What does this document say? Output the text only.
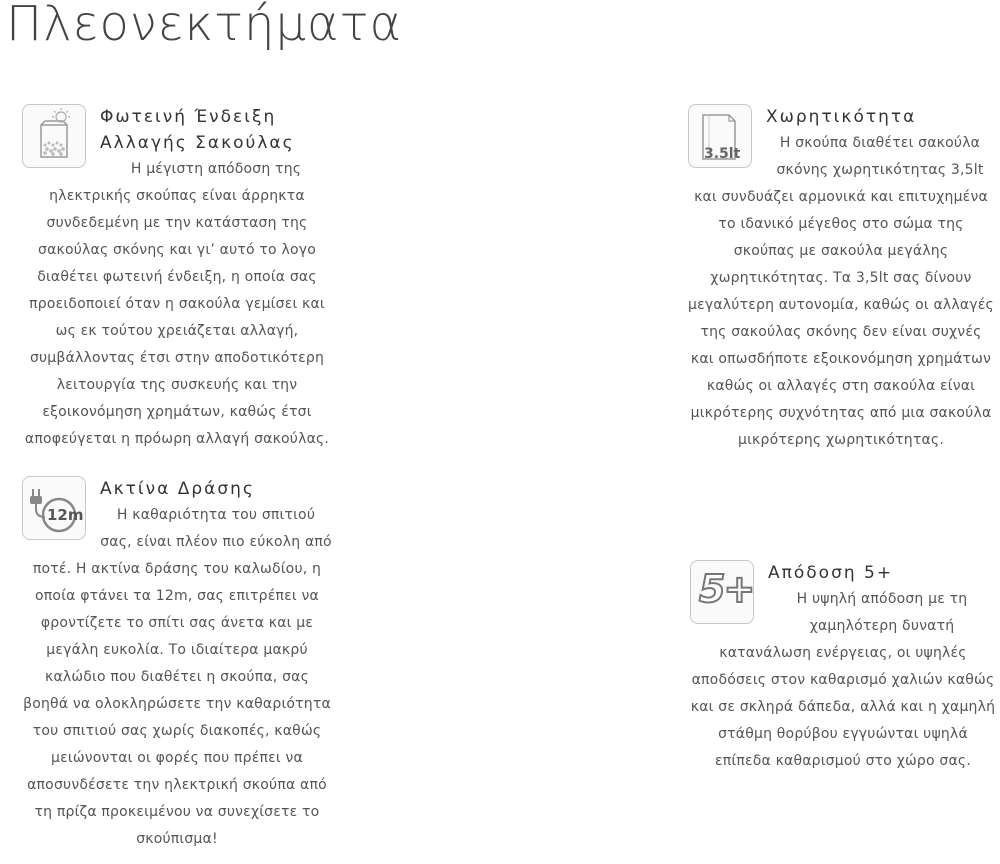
Πλεονεκτήματα
Φωτεινή Ένδειξη
Αλλαγής Σακούλας

Η μέγιστη απόδοση της ηλεκτρικής σκούπας είναι άρρηκτα συνδεδεμένη με την κατάσταση της σακούλας σκόνης και γι’ αυτό το λογο διαθέτει φωτεινή ένδειξη, η οποία σας προειδοποιεί όταν η σακούλα γεμίσει και ως εκ τούτου χρειάζεται αλλαγή, συμβάλλοντας έτσι στην αποδοτικότερη λειτουργία της συσκευής και την εξοικονόμηση χρημάτων, καθώς έτσι αποφεύγεται η πρόωρη αλλαγή σακούλας.

3.5lt
Χωρητικότητα

Η σκούπα διαθέτει σακούλα σκόνης χωρητικότητας 3,5lt και συνδυάζει αρμονικά και επιτυχημένα το ιδανικό μέγεθος στο σώμα της σκούπας με σακούλα μεγάλης χωρητικότητας. Τα 3,5lt σας δίνουν μεγαλύτερη αυτονομία, καθώς οι αλλαγές της σακούλας σκόνης δεν είναι συχνές και οπωσδήποτε εξοικονόμηση χρημάτων καθώς οι αλλαγές στη σακούλα είναι μικρότερης συχνότητας από μια σακούλα μικρότερης χωρητικότητας.

12m
Ακτίνα Δράσης

Η καθαριότητα του σπιτιού σας, είναι πλέον πιο εύκολη από ποτέ. Η ακτίνα δράσης του καλωδίου, η οποία φτάνει τα 12m, σας επιτρέπει να φροντίζετε το σπίτι σας άνετα και με μεγάλη ευκολία. Το ιδιαίτερα μακρύ καλώδιο που διαθέτει η σκούπα, σας βοηθά να ολοκληρώσετε την καθαριότητα του σπιτιού σας χωρίς διακοπές, καθώς μειώνονται οι φορές που πρέπει να αποσυνδέσετε την ηλεκτρική σκούπα από τη πρίζα προκειμένου να συνεχίσετε το σκούπισμα!

5+ Απόδοση 5+

Η υψηλή απόδοση με τη χαμηλότερη δυνατή κατανάλωση ενέργειας, οι υψηλές αποδόσεις στον καθαρισμό χαλιών καθώς και σε σκληρά δάπεδα, αλλά και η χαμηλή στάθμη θορύβου εγγυώνται υψηλά επίπεδα καθαρισμού στο χώρο σας.
